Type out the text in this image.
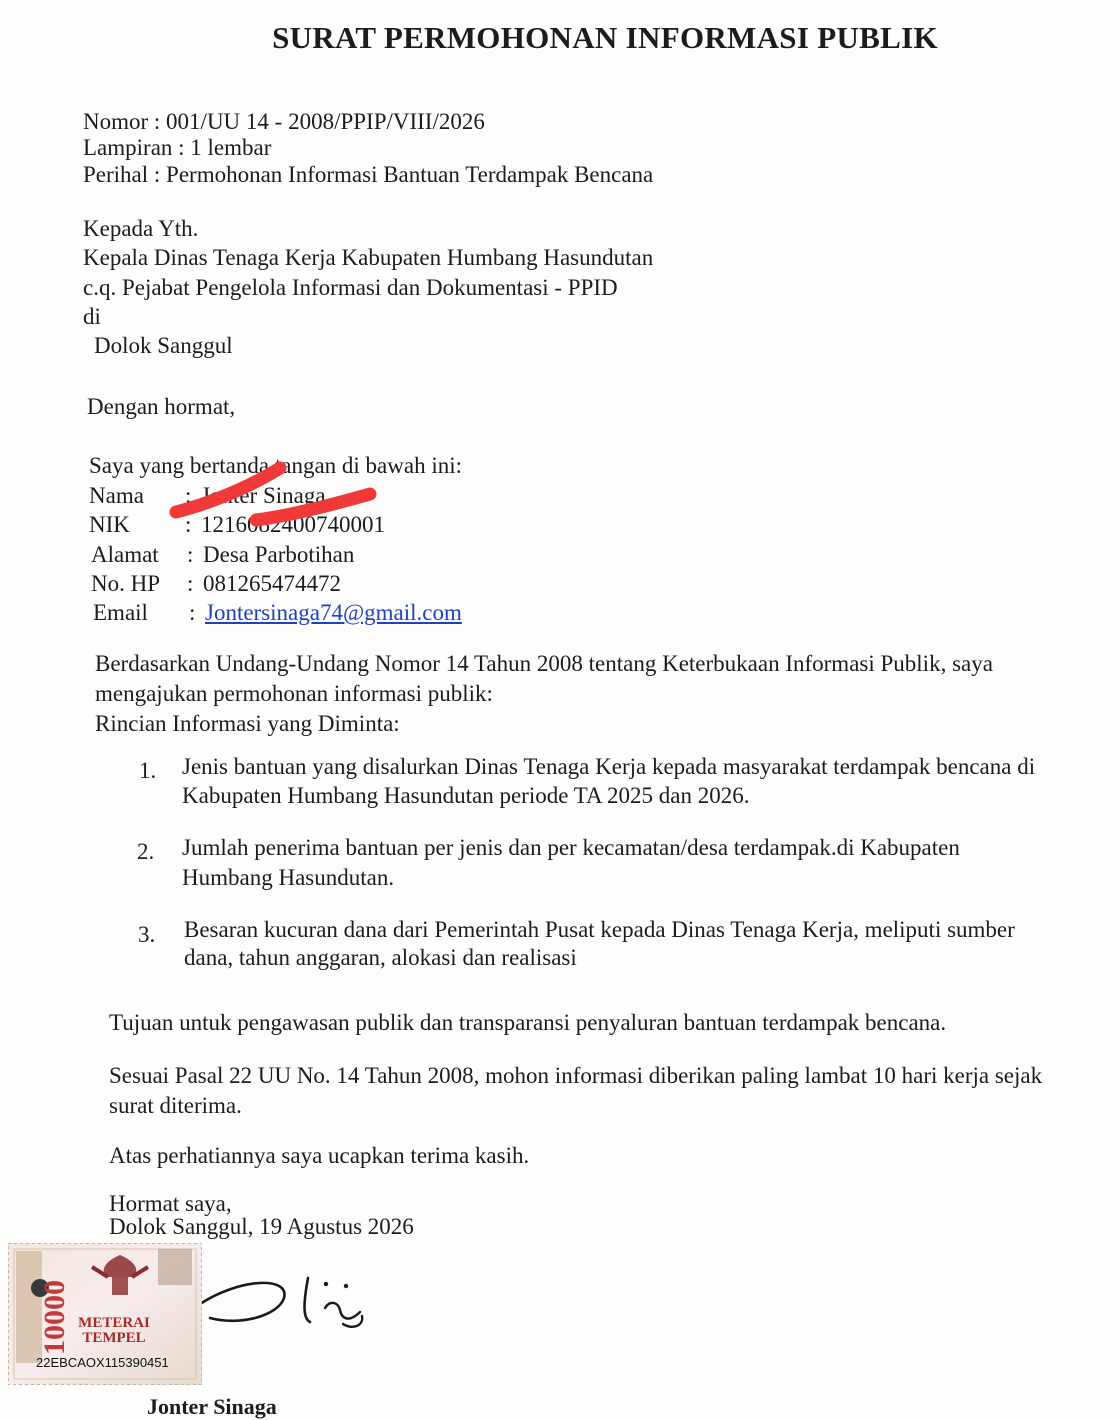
SURAT PERMOHONAN INFORMASI PUBLIK

Nomor : 001/UU 14 - 2008/PPIP/VIII/2026

Lampiran : 1 lembar

Perihal : Permohonan Informasi Bantuan Terdampak Bencana

Kepada Yth.

Kepala Dinas Tenaga Kerja Kabupaten Humbang Hasundutan

c.q. Pejabat Pengelola Informasi dan Dokumentasi - PPID

di

Dolok Sanggul

Dengan hormat,

Saya yang bertanda tangan di bawah ini:

Nama : Jonter Sinaga
NIK : 1216082400740001
Alamat : Desa Parbotihan
No. HP : 081265474472
Email : Jontersinaga74@gmail.com

Berdasarkan Undang-Undang Nomor 14 Tahun 2008 tentang Keterbukaan Informasi Publik, saya

mengajukan permohonan informasi publik:

Rincian Informasi yang Diminta:

1. Jenis bantuan yang disalurkan Dinas Tenaga Kerja kepada masyarakat terdampak bencana di

Kabupaten Humbang Hasundutan periode TA 2025 dan 2026.

2. Jumlah penerima bantuan per jenis dan per kecamatan/desa terdampak.di Kabupaten

Humbang Hasundutan.

3. Besaran kucuran dana dari Pemerintah Pusat kepada Dinas Tenaga Kerja, meliputi sumber

dana, tahun anggaran, alokasi dan realisasi

Tujuan untuk pengawasan publik dan transparansi penyaluran bantuan terdampak bencana.

Sesuai Pasal 22 UU No. 14 Tahun 2008, mohon informasi diberikan paling lambat 10 hari kerja sejak

surat diterima.

Atas perhatiannya saya ucapkan terima kasih.

Hormat saya,

Dolok Sanggul, 19 Agustus 2026

METERAI
TEMPEL
10000
22EBCAOX115390451

Jonter Sinaga
